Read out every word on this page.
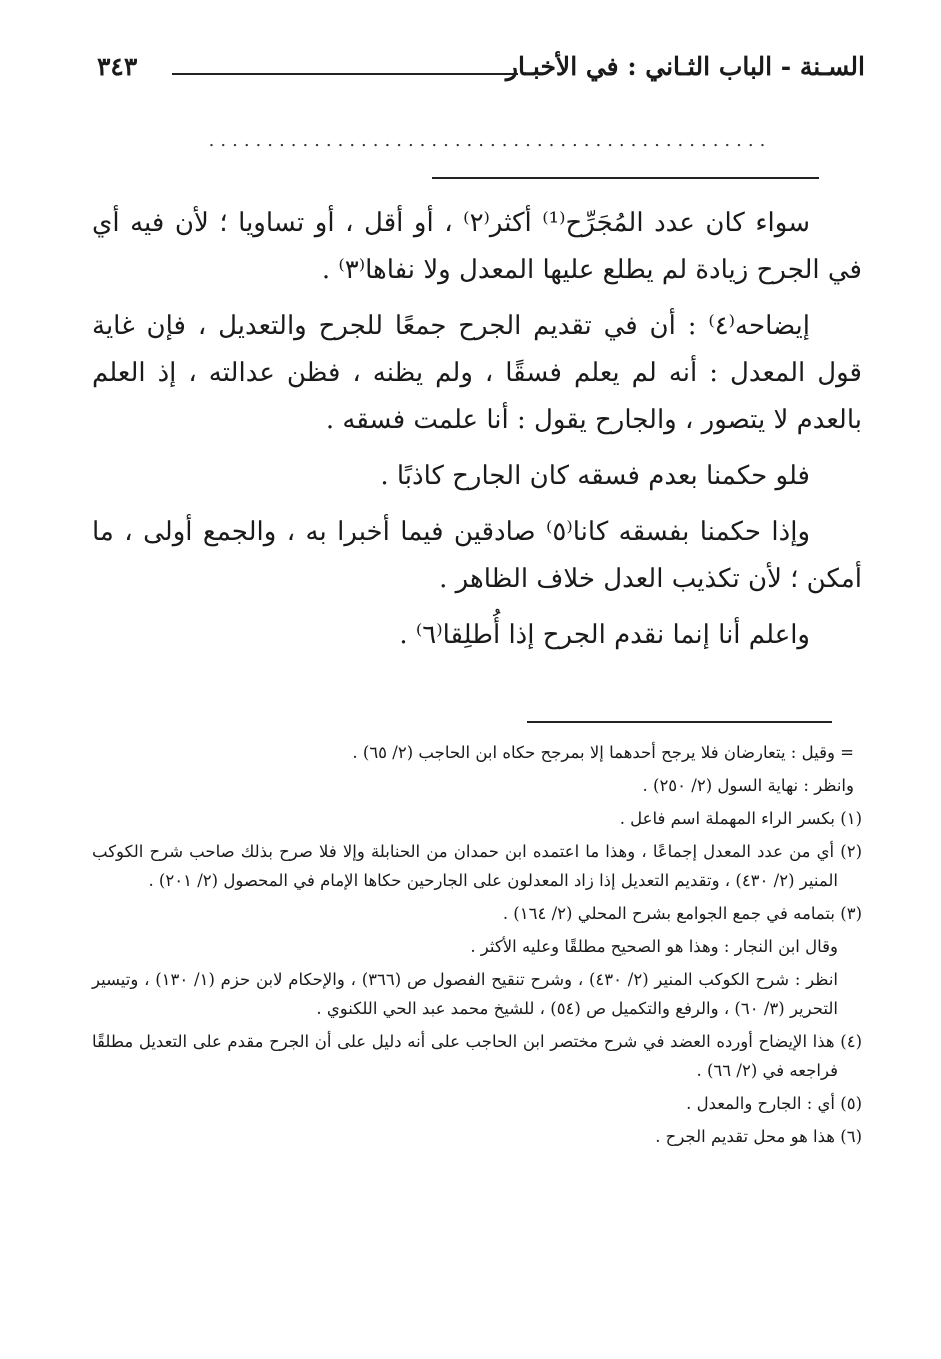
السـنة - الباب الثـاني : في الأخبـار
٣٤٣
................................................

سواء كان عدد المُجَرِّح⁽¹⁾ أكثر⁽٢⁾ ، أو أقل ، أو تساويا ؛ لأن فيه أي في الجرح زيادة لم يطلع عليها المعدل ولا نفاها⁽٣⁾ .

إيضاحه⁽٤⁾ : أن في تقديم الجرح جمعًا للجرح والتعديل ، فإن غاية قول المعدل : أنه لم يعلم فسقًا ، ولم يظنه ، فظن عدالته ، إذ العلم بالعدم لا يتصور ، والجارح يقول : أنا علمت فسقه .

فلو حكمنا بعدم فسقه كان الجارح كاذبًا .

وإذا حكمنا بفسقه كانا⁽٥⁾ صادقين فيما أخبرا به ، والجمع أولى ، ما أمكن ؛ لأن تكذيب العدل خلاف الظاهر .

واعلم أنا إنما نقدم الجرح إذا أُطلِقا⁽٦⁾ .

= وقيل : يتعارضان فلا يرجح أحدهما إلا بمرجح حكاه ابن الحاجب (٢/ ٦٥) .

وانظر : نهاية السول (٢/ ٢٥٠) .

(١) بكسر الراء المهملة اسم فاعل .

(٢) أي من عدد المعدل إجماعًا ، وهذا ما اعتمده ابن حمدان من الحنابلة وإلا فلا صرح بذلك صاحب شرح الكوكب المنير (٢/ ٤٣٠) ، وتقديم التعديل إذا زاد المعدلون على الجارحين حكاها الإمام في المحصول (٢/ ٢٠١) .

(٣) بتمامه في جمع الجوامع بشرح المحلي (٢/ ١٦٤) .

وقال ابن النجار : وهذا هو الصحيح مطلقًا وعليه الأكثر .

انظر : شرح الكوكب المنير (٢/ ٤٣٠) ، وشرح تنقيح الفصول ص (٣٦٦) ، والإحكام لابن حزم (١/ ١٣٠) ، وتيسير التحرير (٣/ ٦٠) ، والرفع والتكميل ص (٥٤) ، للشيخ محمد عبد الحي اللكنوي .

(٤) هذا الإيضاح أورده العضد في شرح مختصر ابن الحاجب على أنه دليل على أن الجرح مقدم على التعديل مطلقًا فراجعه في (٢/ ٦٦) .

(٥) أي : الجارح والمعدل .

(٦) هذا هو محل تقديم الجرح .
